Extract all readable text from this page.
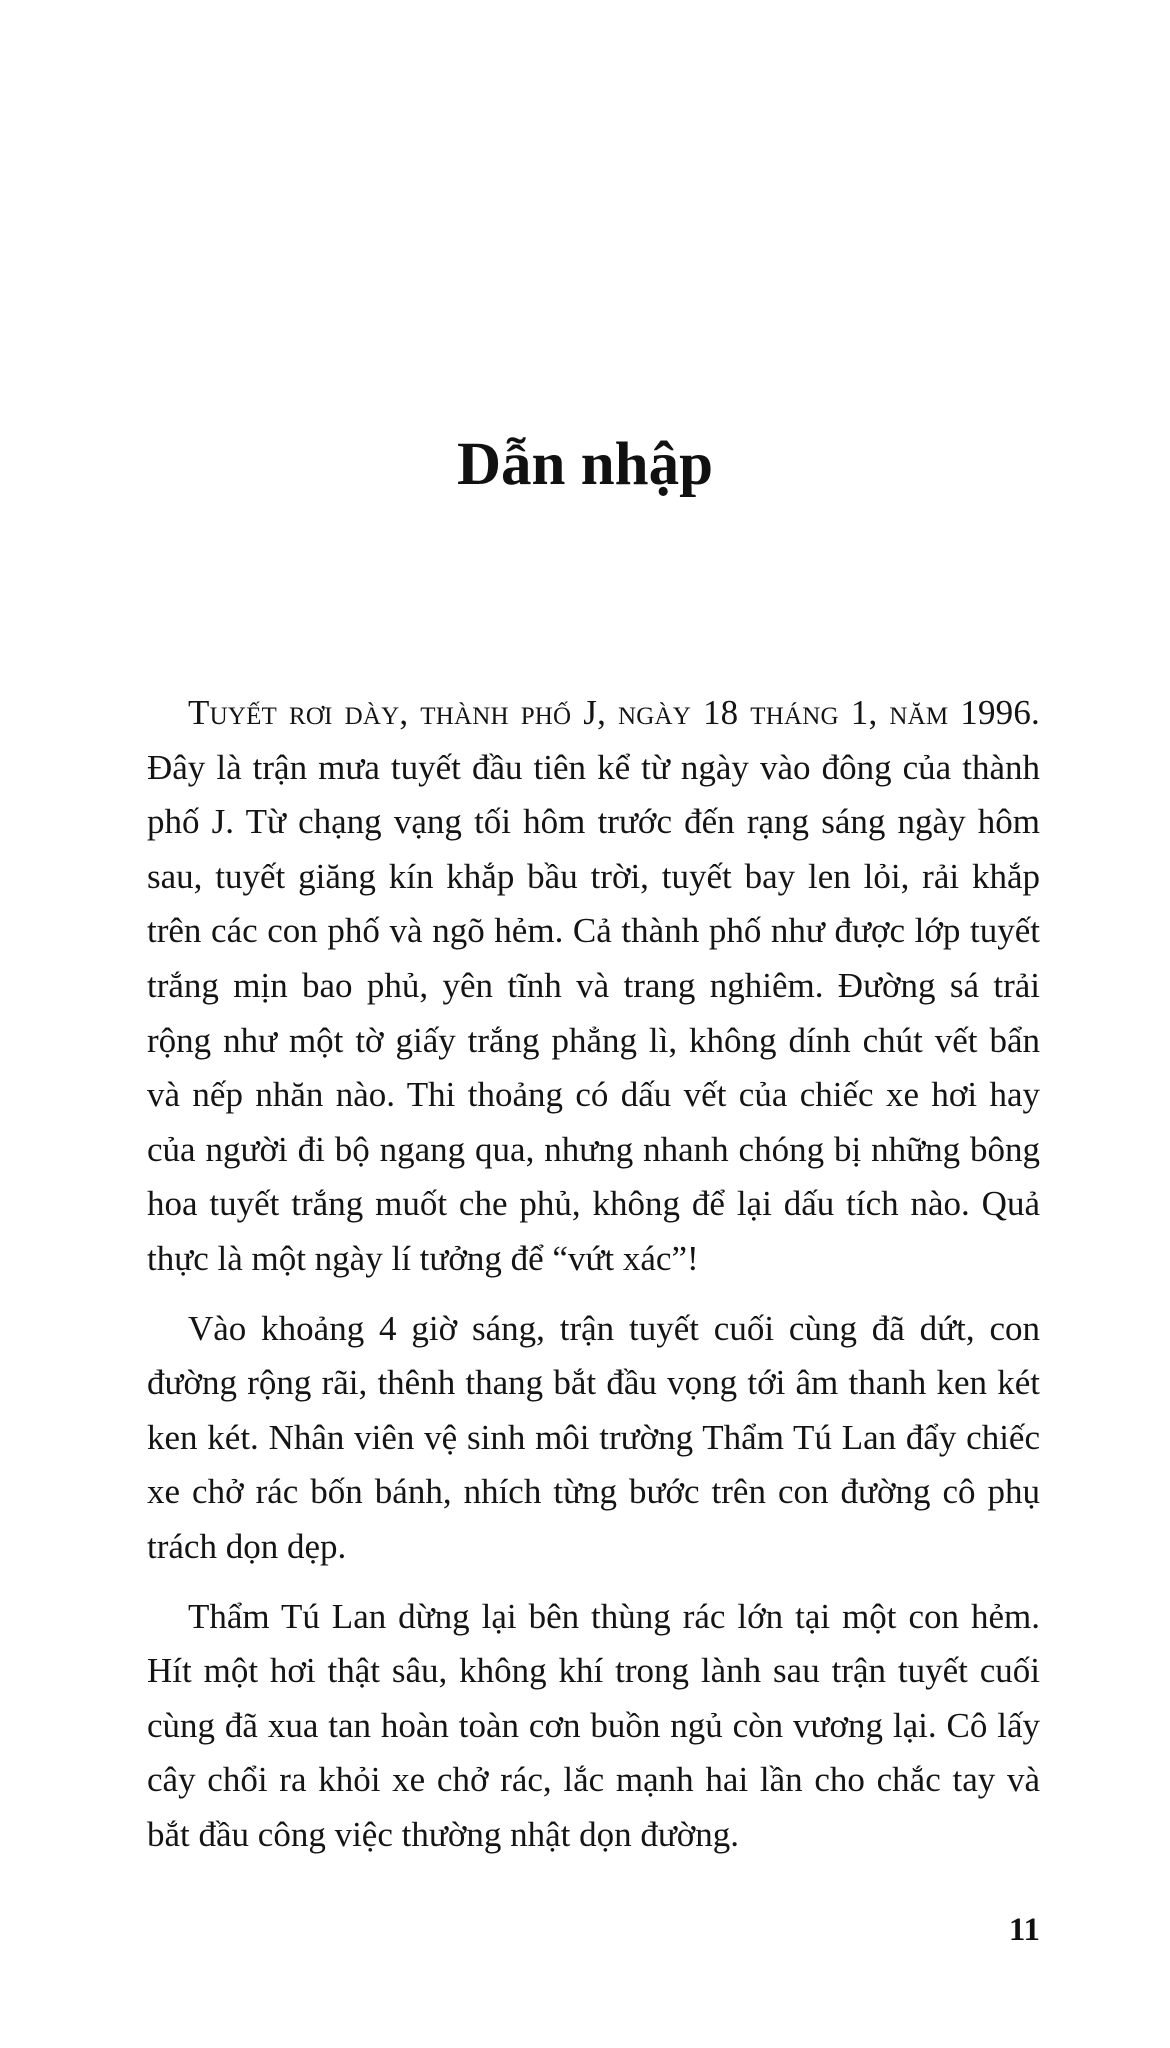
Dẫn nhập

Tuyết rơi dày, thành phố J, ngày 18 tháng 1, năm 1996. Đây là trận mưa tuyết đầu tiên kể từ ngày vào đông của thành phố J. Từ chạng vạng tối hôm trước đến rạng sáng ngày hôm sau, tuyết giăng kín khắp bầu trời, tuyết bay len lỏi, rải khắp trên các con phố và ngõ hẻm. Cả thành phố như được lớp tuyết trắng mịn bao phủ, yên tĩnh và trang nghiêm. Đường sá trải rộng như một tờ giấy trắng phẳng lì, không dính chút vết bẩn và nếp nhăn nào. Thi thoảng có dấu vết của chiếc xe hơi hay của người đi bộ ngang qua, nhưng nhanh chóng bị những bông hoa tuyết trắng muốt che phủ, không để lại dấu tích nào. Quả thực là một ngày lí tưởng để “vứt xác”!

Vào khoảng 4 giờ sáng, trận tuyết cuối cùng đã dứt, con đường rộng rãi, thênh thang bắt đầu vọng tới âm thanh ken két ken két. Nhân viên vệ sinh môi trường Thẩm Tú Lan đẩy chiếc xe chở rác bốn bánh, nhích từng bước trên con đường cô phụ trách dọn dẹp.

Thẩm Tú Lan dừng lại bên thùng rác lớn tại một con hẻm. Hít một hơi thật sâu, không khí trong lành sau trận tuyết cuối cùng đã xua tan hoàn toàn cơn buồn ngủ còn vương lại. Cô lấy cây chổi ra khỏi xe chở rác, lắc mạnh hai lần cho chắc tay và bắt đầu công việc thường nhật dọn đường.

11
